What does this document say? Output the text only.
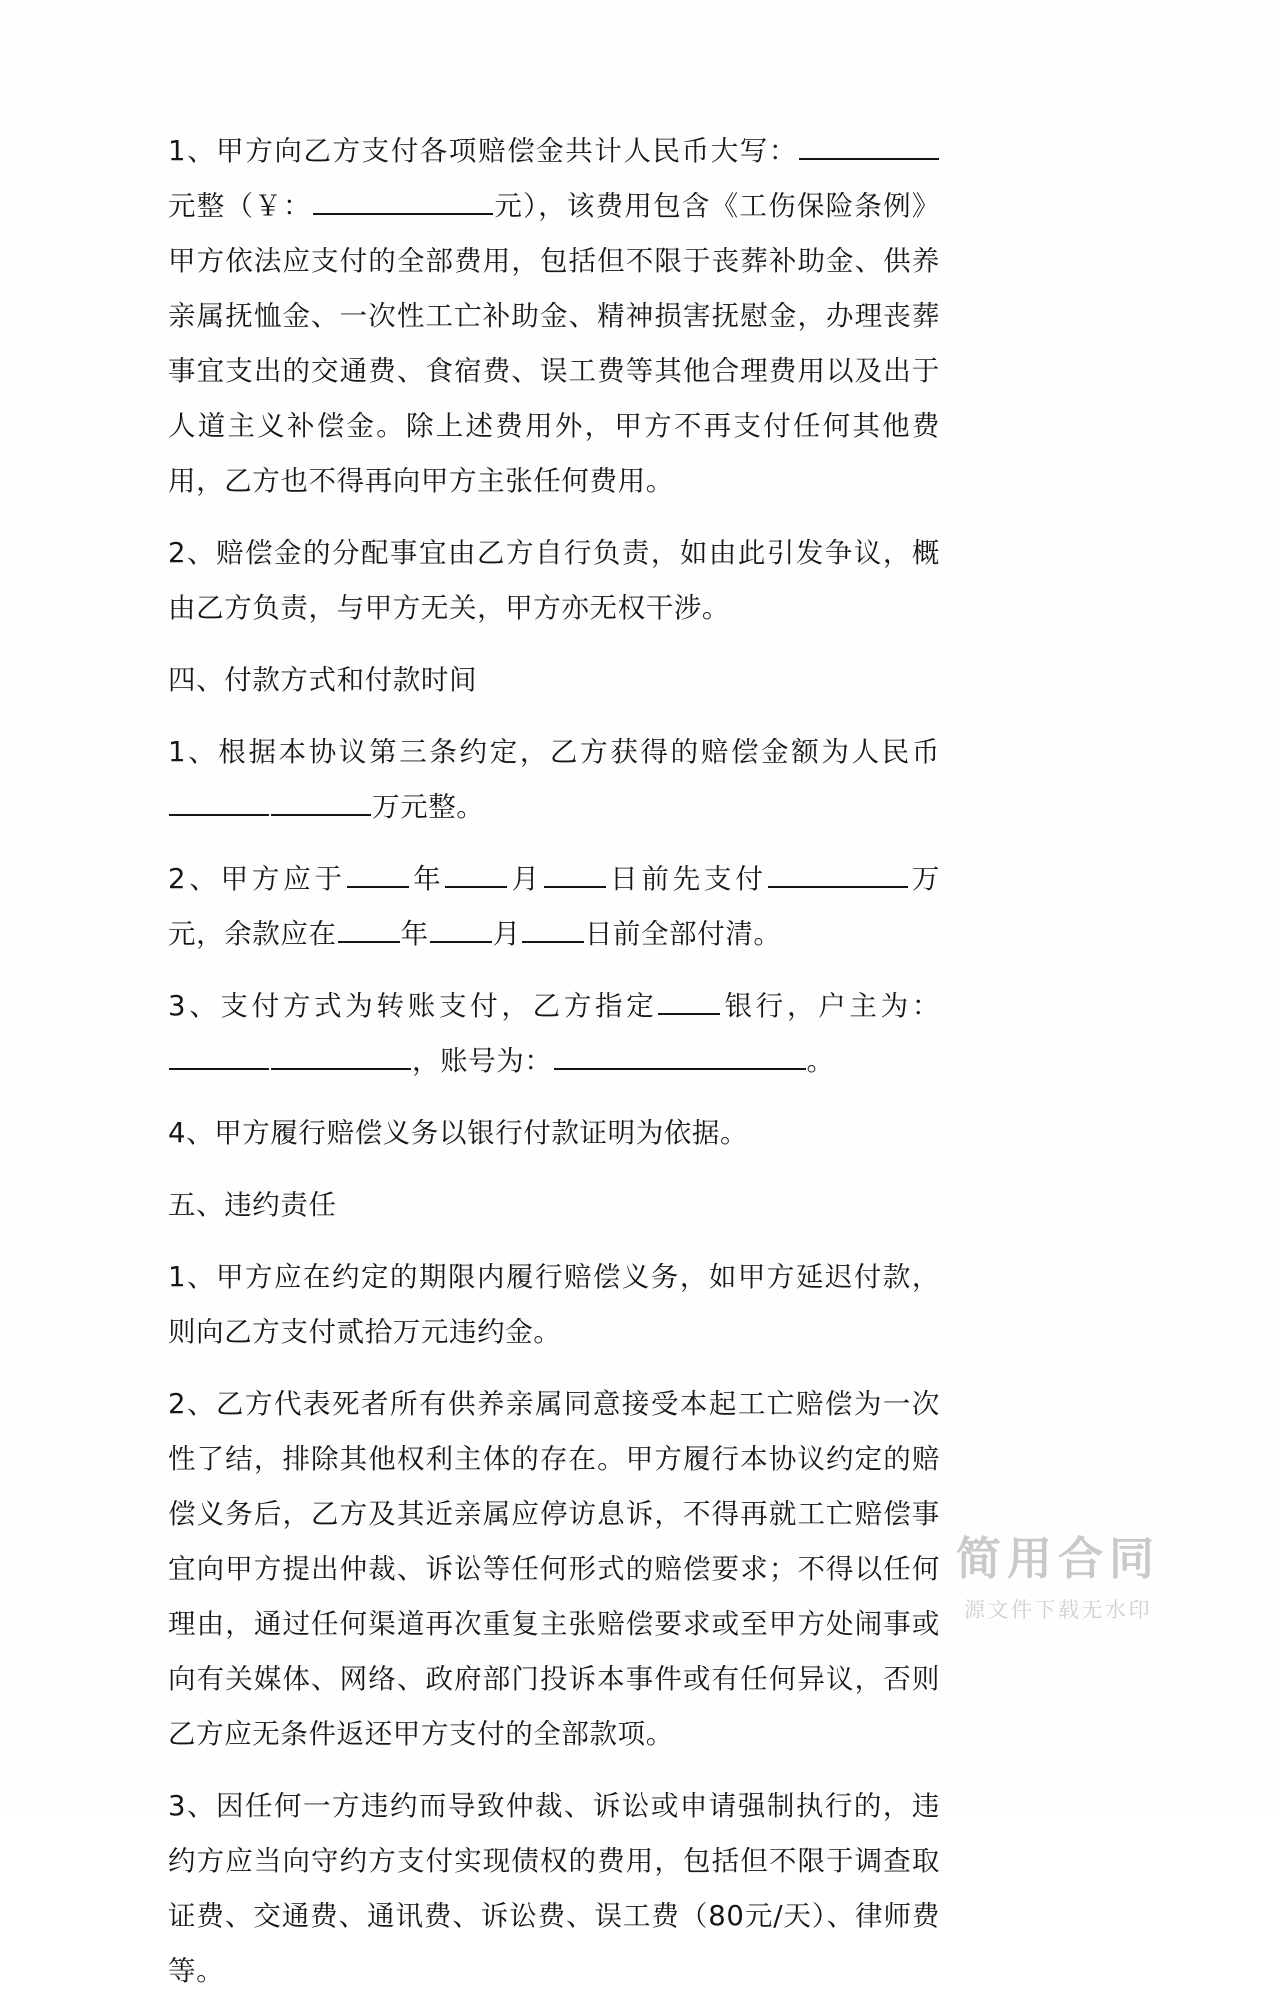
1、甲方向乙方支付各项赔偿金共计人民币大写：元整（￥：	元），该费用包含《工伤保险条例》甲方依法应支付的全部费用，包括但不限于丧葬补助金、供养亲属抚恤金、一次性工亡补助金、精神损害抚慰金，办理丧葬事宜支出的交通费、食宿费、误工费等其他合理费用以及出于人道主义补偿金。除上述费用外，甲方不再支付任何其他费用，乙方也不得再向甲方主张任何费用。

2、赔偿金的分配事宜由乙方自行负责，如由此引发争议，概由乙方负责，与甲方无关，甲方亦无权干涉。

四、付款方式和付款时间

1、根据本协议第三条约定，乙方获得的赔偿金额为人民币万元整。

2、甲方应于 年 月 日前先支付	万元，余款应在 年 月 日前全部付清。

3、支付方式为转账支付，乙方指定 银行，户主为：，账号为：	。

4、甲方履行赔偿义务以银行付款证明为依据。

五、违约责任

1、甲方应在约定的期限内履行赔偿义务，如甲方延迟付款，则向乙方支付贰拾万元违约金。

2、乙方代表死者所有供养亲属同意接受本起工亡赔偿为一次性了结，排除其他权利主体的存在。甲方履行本协议约定的赔偿义务后，乙方及其近亲属应停访息诉，不得再就工亡赔偿事宜向甲方提出仲裁、诉讼等任何形式的赔偿要求；不得以任何理由，通过任何渠道再次重复主张赔偿要求或至甲方处闹事或向有关媒体、网络、政府部门投诉本事件或有任何异议，否则乙方应无条件返还甲方支付的全部款项。

3、因任何一方违约而导致仲裁、诉讼或申请强制执行的，违约方应当向守约方支付实现债权的费用，包括但不限于调查取证费、交通费、通讯费、诉讼费、误工费（80元/天）、律师费等。

简用合同
源文件下载无水印
